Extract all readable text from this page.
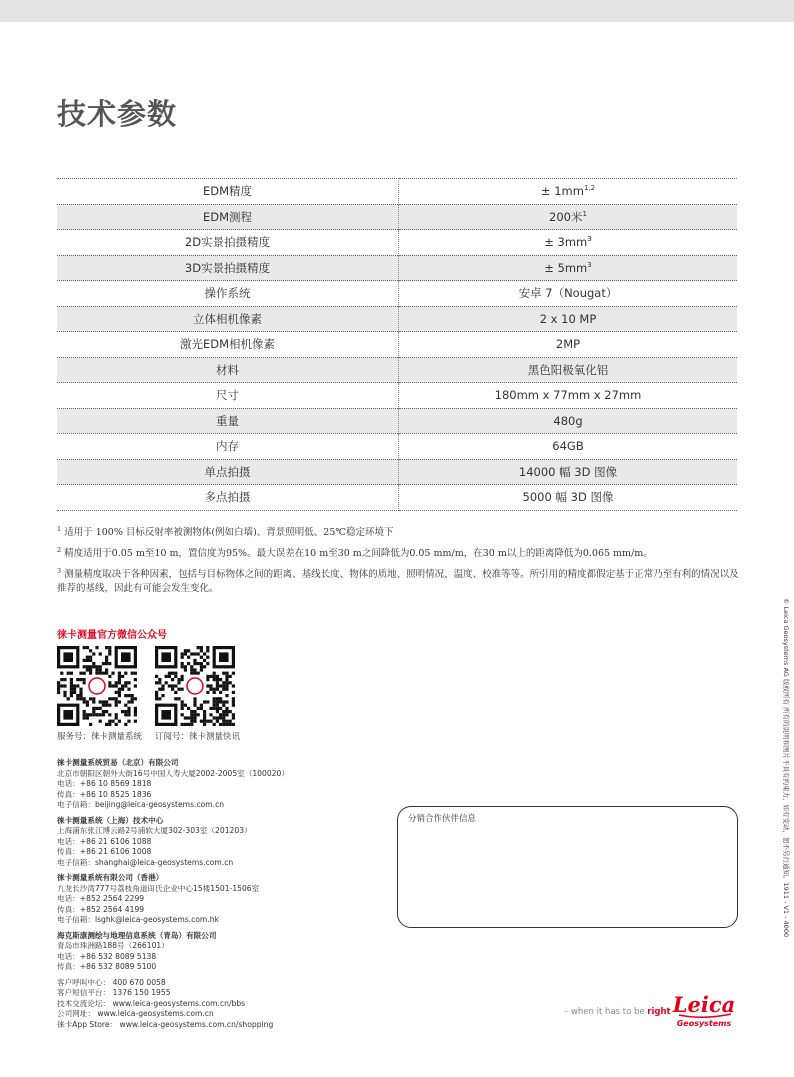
技术参数
EDM精度	± 1mm$^{1,2}$
EDM测程	200米$^1$
2D实景拍摄精度	± $3mm^3$
3D实景拍摄精度	± $5mm^3$
操作系统	安卓 7（Nougat）
立体相机像素	2 x 10 MP
激光EDM相机像素	2MP
材料	黑色阳极氧化铝
尺寸	180mm x 77mm x 27mm
重量	480g
内存	64GB
单点拍摄	14000 幅 3D 图像
多点拍摄	5000 幅 3D 图像

$^1$ 适用于 100% 目标反射率被测物体(例如白墙)、背景照明低、25℃稳定环境下

$^2$ 精度适用于0.05 m至10 m，置信度为95%。最大误差在10 m至30 m之间降低为0.05 mm/m，在30 m以上的距离降低为0.065 mm/m。

$^3$ 测量精度取决于各种因素，包括与目标物体之间的距离、基线长度、物体的质地、照明情况、温度、校准等等。所引用的精度都假定基于正常乃至有利的情况以及推荐的基线，因此有可能会发生变化。

徕卡测量官方微信公众号
服务号：徕卡测量系统 订阅号：徕卡测量快讯
徕卡测量系统贸易（北京）有限公司
北京市朝阳区朝外大街16号中国人寿大厦2002-2005室（100020）
电话：+86 10 8569 1818
传真：+86 10 8525 1836
电子信箱：beijing@leica-geosystems.com.cn
徕卡测量系统（上海）技术中心
上海浦东张江博云路2号浦软大厦302-303室（201203）
电话：+86 21 6106 1088
传真：+86 21 6106 1008
电子信箱：shanghai@leica-geosystems.com.cn
徕卡测量系统有限公司（香港）
九龙长沙湾777号荔枝角道田氏企业中心15楼1501-1506室
电话：+852 2564 2299
传真：+852 2564 4199
电子信箱：lsghk@leica-geosystems.com.hk
海克斯康测绘与地理信息系统（青岛）有限公司
青岛市珠洲路188号（266101）
电话：+86 532 8089 5138
传真：+86 532 8089 5100
客户呼叫中心： 400 670 0058
客户短信平台： 1376 150 1955
技术交流论坛： www.leica-geosystems.com.cn/bbs
公司网址： www.leica-geosystems.com.cn
徕卡App Store： www.leica-geosystems.com.cn/shopping
分销合作伙伴信息
– when it has to be right Leica
Geosystems
© Leica Geosystems AG 版权所有 所有的说明和图片不具有约束力，如有变动，恕不另行通知。1911 - V1 - 4000
